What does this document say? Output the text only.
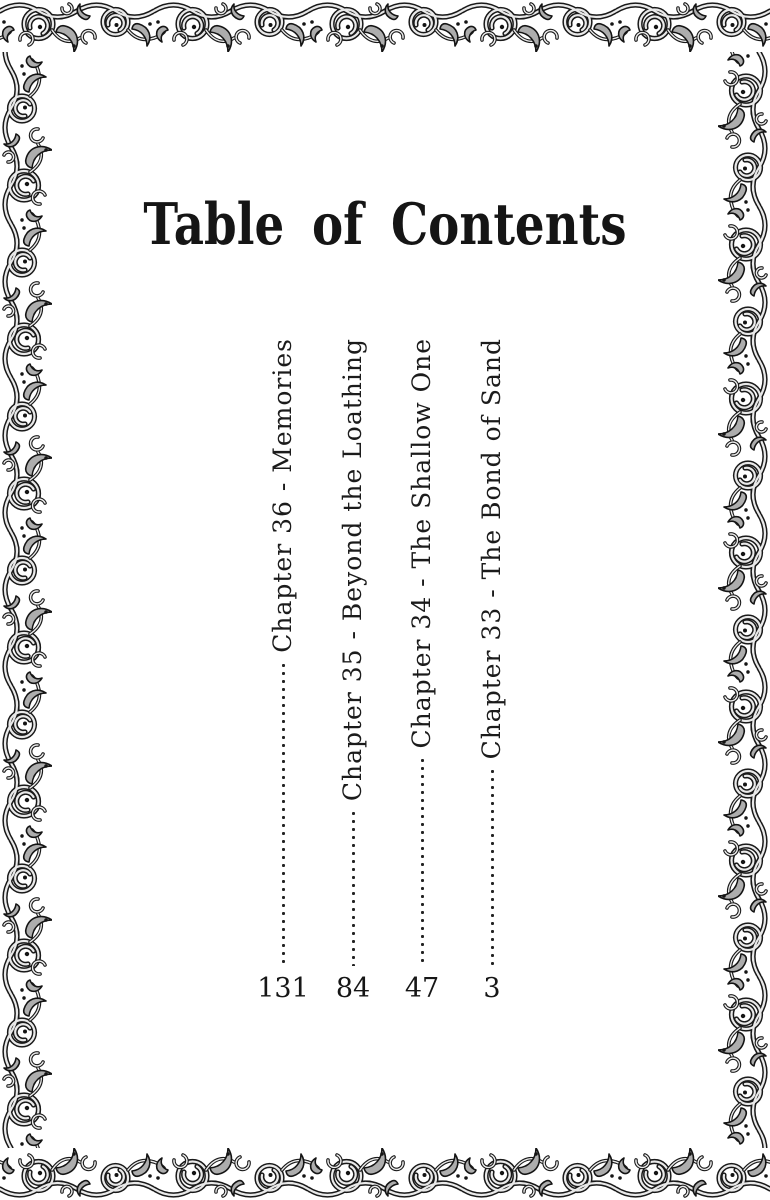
Table of Contents
Chapter 36 - Memories
131
Chapter 35 - Beyond the Loathing
84
Chapter 34 - The Shallow One
47
Chapter 33 - The Bond of Sand
3
